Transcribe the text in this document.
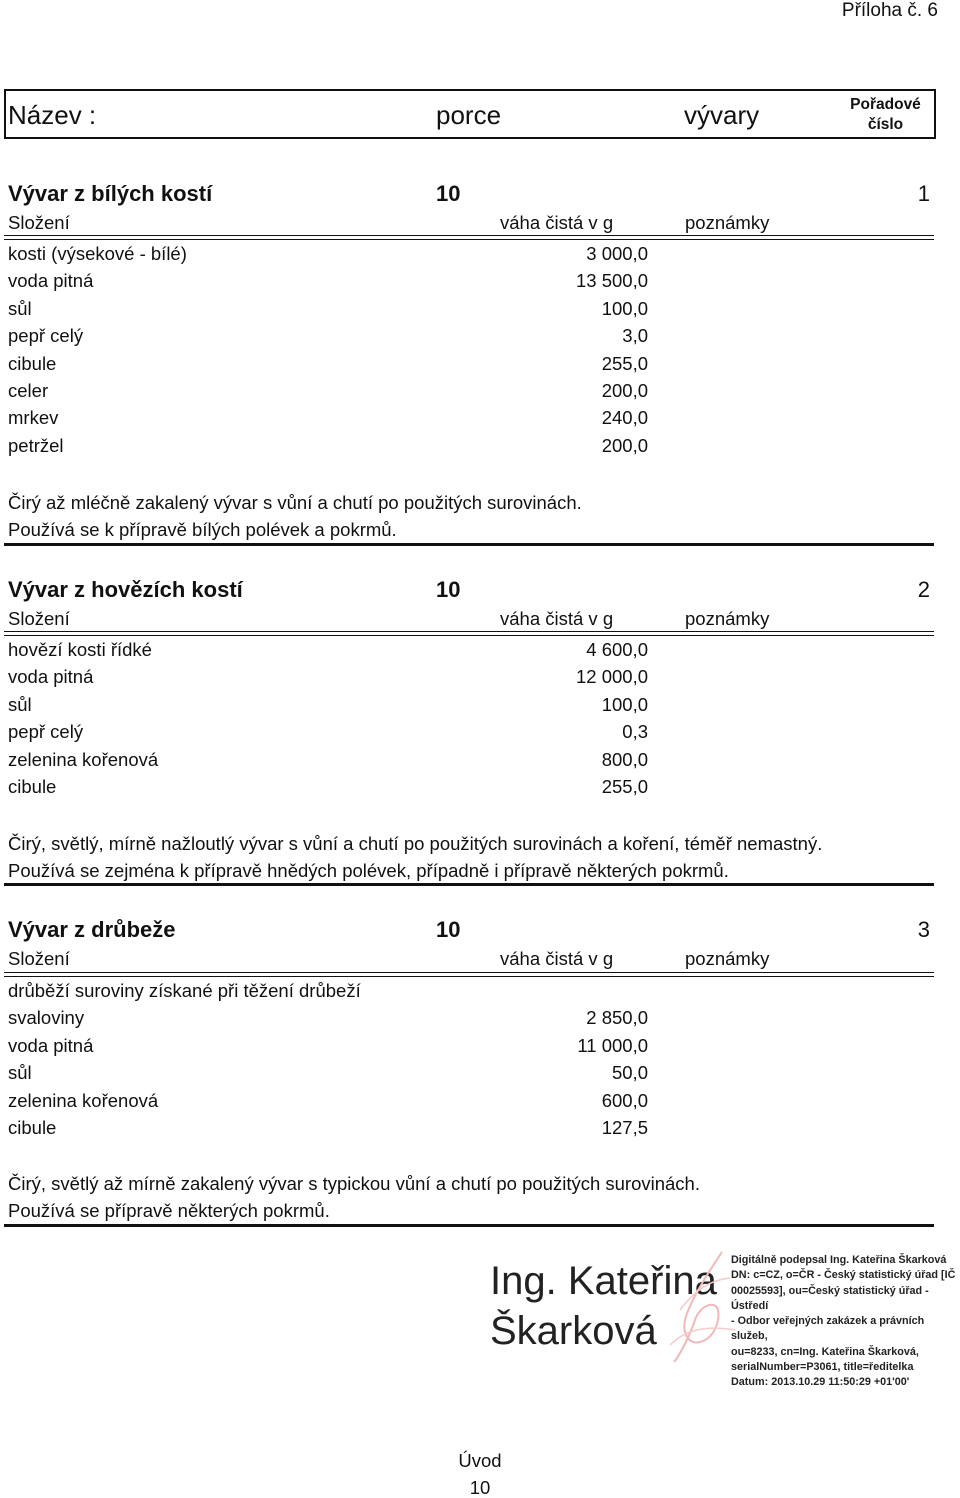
Příloha č. 6
Název :	porce	vývary	Pořadové
číslo
Vývar z bílých kostí	10	1
Složení	váha čistá v g	poznámky
kosti (výsekové - bílé)	3 000,0
voda pitná	13 500,0
sůl	100,0
pepř celý	3,0
cibule	255,0
celer	200,0
mrkev	240,0
petržel	200,0
Čirý až mléčně zakalený vývar s vůní a chutí po použitých surovinách.
Používá se k přípravě bílých polévek a pokrmů.
Vývar z hovězích kostí	10	2
Složení	váha čistá v g	poznámky
hovězí kosti řídké	4 600,0
voda pitná	12 000,0
sůl	100,0
pepř celý	0,3
zelenina kořenová	800,0
cibule	255,0
Čirý, světlý, mírně nažloutlý vývar s vůní a chutí po použitých surovinách a koření, téměř nemastný.
Používá se zejména k přípravě hnědých polévek, případně i přípravě některých pokrmů.
Vývar z drůbeže	10	3
Složení	váha čistá v g	poznámky
drůběží suroviny získané při těžení drůbeží
svaloviny	2 850,0
voda pitná	11 000,0
sůl	50,0
zelenina kořenová	600,0
cibule	127,5
Čirý, světlý až mírně zakalený vývar s typickou vůní a chutí po použitých surovinách.
Používá se přípravě některých pokrmů.
Ing. Kateřina
Škarková
Digitálně podepsal Ing. Kateřina Škarková
DN: c=CZ, o=ČR - Český statistický úřad [IČ
00025593], ou=Český statistický úřad - Ústředí
- Odbor veřejných zakázek a právních služeb,
ou=8233, cn=Ing. Kateřina Škarková,
serialNumber=P3061, title=ředitelka
Datum: 2013.10.29 11:50:29 +01'00'
Úvod
10
